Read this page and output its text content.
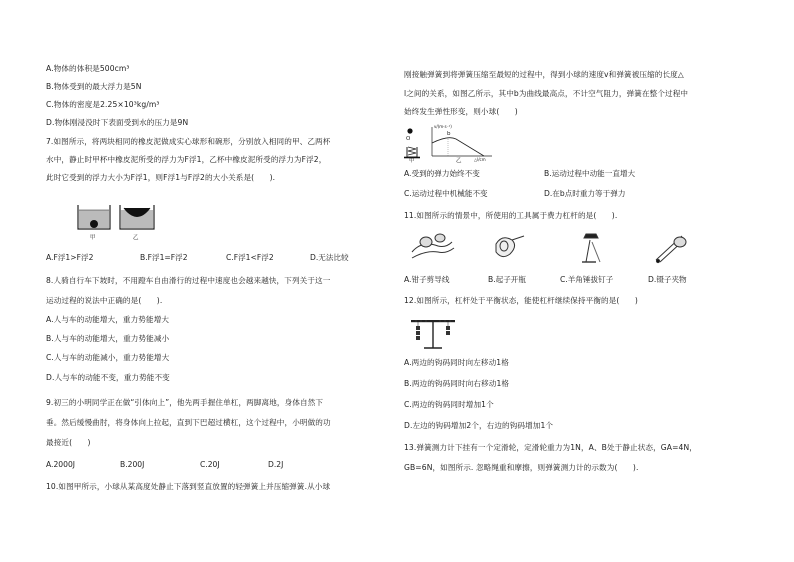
A.物体的体积是500cm³
B.物体受到的最大浮力是5N
C.物体的密度是2.25×10³kg/m³
D.物体刚浸没时下表面受到水的压力是9N
7.如图所示，将两块相同的橡皮泥做成实心球形和碗形，分别放入相同的甲、乙两杯
水中，静止时甲杯中橡皮泥所受的浮力为F浮1，乙杯中橡皮泥所受的浮力为F浮2，
此时它受到的浮力大小为F浮1，则F浮1与F浮2的大小关系是(　　).
甲	乙
A.F浮1>F浮2	B.F浮1=F浮2	C.F浮1<F浮2	D.无法比较
8.人骑自行车下坡时，不用蹬车自由滑行的过程中速度也会越来越快，下列关于这一
运动过程的说法中正确的是(　　).
A.人与车的动能增大，重力势能增大
B.人与车的动能增大，重力势能减小
C.人与车的动能减小，重力势能增大
D.人与车的动能不变，重力势能不变
9.初三的小明同学正在做“引体向上”，他先两手握住单杠，两脚离地，身体自然下
垂。然后缓慢曲肘，将身体向上拉起，直到下巴超过横杠，这个过程中，小明做的功
最接近(　　)
A.2000J	B.200J	C.20J	D.2J
10.如图甲所示，小球从某高度处静止下落到竖直放置的轻弹簧上并压缩弹簧.从小球
刚接触弹簧到将弹簧压缩至最短的过程中，得到小球的速度v和弹簧被压缩的长度△
l之间的关系，如图乙所示，其中b为曲线最高点，不计空气阻力，弹簧在整个过程中
始终发生弹性形变，则小球(　　)
O
甲
v/(m·s⁻¹)
b
△l/cm
乙
A.受到的弹力始终不变	B.运动过程中动能一直增大
C.运动过程中机械能不变	D.在b点时重力等于弹力
11.如图所示的情景中，所使用的工具属于费力杠杆的是(　　).
A.钳子剪导线	B.起子开瓶	C.羊角锤拔钉子	D.镊子夹物
12.如图所示，杠杆处于平衡状态，能使杠杆继续保持平衡的是(　　)
A.两边的钩码同时向左移动1格
B.两边的钩码同时向右移动1格
C.两边的钩码同时增加1个
D.左边的钩码增加2个，右边的钩码增加1个
13.弹簧测力计下挂有一个定滑轮，定滑轮重力为1N，A、B处于静止状态，GA=4N，
GB=6N，如图所示. 忽略绳重和摩擦，则弹簧测力计的示数为(　　).
